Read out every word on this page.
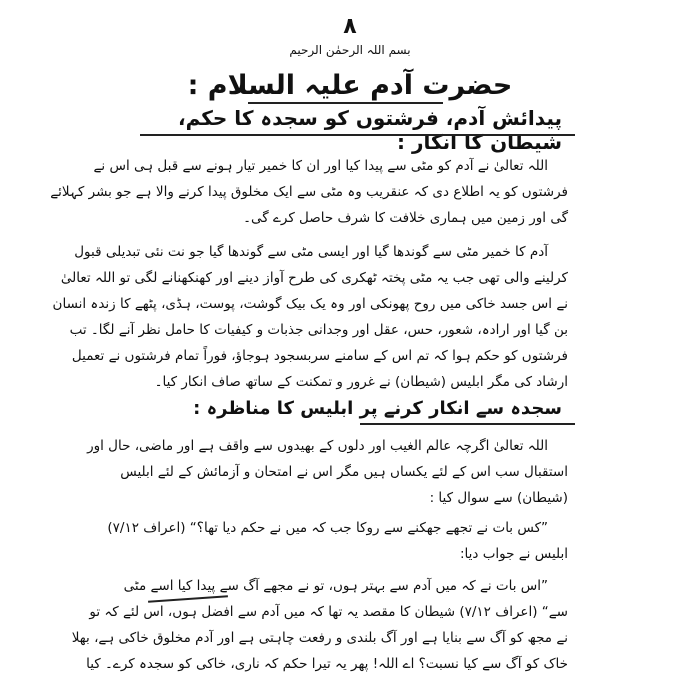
۸
بسم اللہ الرحمٰن الرحیم
حضرت آدم علیہ السلام :
پیدائش آدم، فرشتوں کو سجدہ کا حکم، شیطان کا انکار :
اللہ تعالیٰ نے آدم کو مٹی سے پیدا کیا اور ان کا خمیر تیار ہونے سے قبل ہی اس نے
فرشتوں کو یہ اطلاع دی کہ عنقریب وہ مٹی سے ایک مخلوق پیدا کرنے والا ہے جو بشر کہلائے
گی اور زمین میں ہماری خلافت کا شرف حاصل کرے گی۔
آدم کا خمیر مٹی سے گوندھا گیا اور ایسی مٹی سے گوندھا گیا جو نت نئی تبدیلی قبول
کرلینے والی تھی جب یہ مٹی پختہ ٹھکری کی طرح آواز دینے اور کھنکھنانے لگی تو اللہ تعالیٰ
نے اس جسد خاکی میں روح پھونکی اور وہ یک بیک گوشت، پوست، ہڈی، پٹھے کا زندہ انسان
بن گیا اور ارادہ، شعور، حس، عقل اور وجدانی جذبات و کیفیات کا حامل نظر آنے لگا۔ تب
فرشتوں کو حکم ہوا کہ تم اس کے سامنے سربسجود ہوجاؤ، فوراً تمام فرشتوں نے تعمیل
ارشاد کی مگر ابلیس (شیطان) نے غرور و تمکنت کے ساتھ صاف انکار کیا۔
سجدہ سے انکار کرنے پر ابلیس کا مناظرہ :
اللہ تعالیٰ اگرچہ عالم الغیب اور دلوں کے بھیدوں سے واقف ہے اور ماضی، حال اور
استقبال سب اس کے لئے یکساں ہیں مگر اس نے امتحان و آزمائش کے لئے ابلیس
(شیطان) سے سوال کیا :
”کس بات نے تجھے جھکنے سے روکا جب کہ میں نے حکم دیا تھا؟“ (اعراف ۷/۱۲)
ابلیس نے جواب دیا:
”اس بات نے کہ میں آدم سے بہتر ہوں، تو نے مجھے آگ سے پیدا کیا اسے مٹی
سے“ (اعراف ۷/۱۲) شیطان کا مقصد یہ تھا کہ میں آدم سے افضل ہوں، اس لئے کہ تو
نے مجھ کو آگ سے بنایا ہے اور آگ بلندی و رفعت چاہتی ہے اور آدم مخلوق خاکی ہے، بھلا
خاک کو آگ سے کیا نسبت؟ اے اللہ! پھر یہ تیرا حکم کہ ناری، خاکی کو سجدہ کرے۔ کیا
